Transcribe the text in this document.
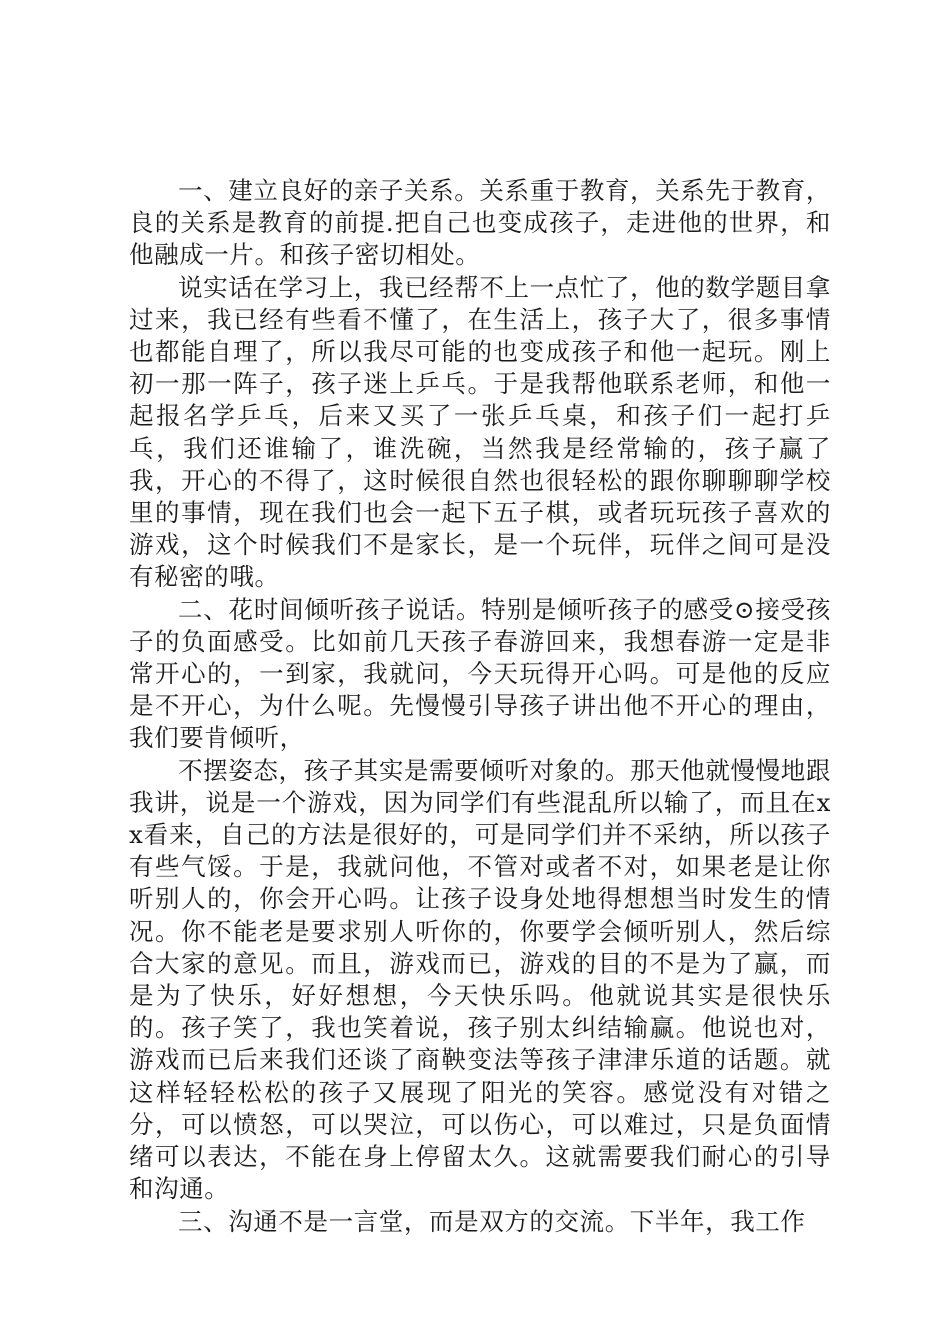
一、建立良好的亲子关系。关系重于教育，关系先于教育，良的关系是教育的前提.把自己也变成孩子，走进他的世界，和他融成一片。和孩子密切相处。

说实话在学习上，我已经帮不上一点忙了，他的数学题目拿过来，我已经有些看不懂了，在生活上，孩子大了，很多事情也都能自理了，所以我尽可能的也变成孩子和他一起玩。刚上初一那一阵子，孩子迷上乒乓。于是我帮他联系老师，和他一起报名学乒乓，后来又买了一张乒乓桌，和孩子们一起打乒乓，我们还谁输了，谁洗碗，当然我是经常输的，孩子赢了我，开心的不得了，这时候很自然也很轻松的跟你聊聊聊学校里的事情，现在我们也会一起下五子棋，或者玩玩孩子喜欢的游戏，这个时候我们不是家长，是一个玩伴，玩伴之间可是没有秘密的哦。

二、花时间倾听孩子说话。特别是倾听孩子的感受⊙接受孩子的负面感受。比如前几天孩子春游回来，我想春游一定是非常开心的，一到家，我就问，今天玩得开心吗。可是他的反应是不开心，为什么呢。先慢慢引导孩子讲出他不开心的理由，我们要肯倾听，

不摆姿态，孩子其实是需要倾听对象的。那天他就慢慢地跟我讲，说是一个游戏，因为同学们有些混乱所以输了，而且在xx看来，自己的方法是很好的，可是同学们并不采纳，所以孩子有些气馁。于是，我就问他，不管对或者不对，如果老是让你听别人的，你会开心吗。让孩子设身处地得想想当时发生的情况。你不能老是要求别人听你的，你要学会倾听别人，然后综合大家的意见。而且，游戏而已，游戏的目的不是为了赢，而是为了快乐，好好想想，今天快乐吗。他就说其实是很快乐的。孩子笑了，我也笑着说，孩子别太纠结输赢。他说也对，游戏而已后来我们还谈了商鞅变法等孩子津津乐道的话题。就这样轻轻松松的孩子又展现了阳光的笑容。感觉没有对错之分，可以愤怒，可以哭泣，可以伤心，可以难过，只是负面情绪可以表达，不能在身上停留太久。这就需要我们耐心的引导和沟通。

三、沟通不是一言堂，而是双方的交流。下半年，我工作
